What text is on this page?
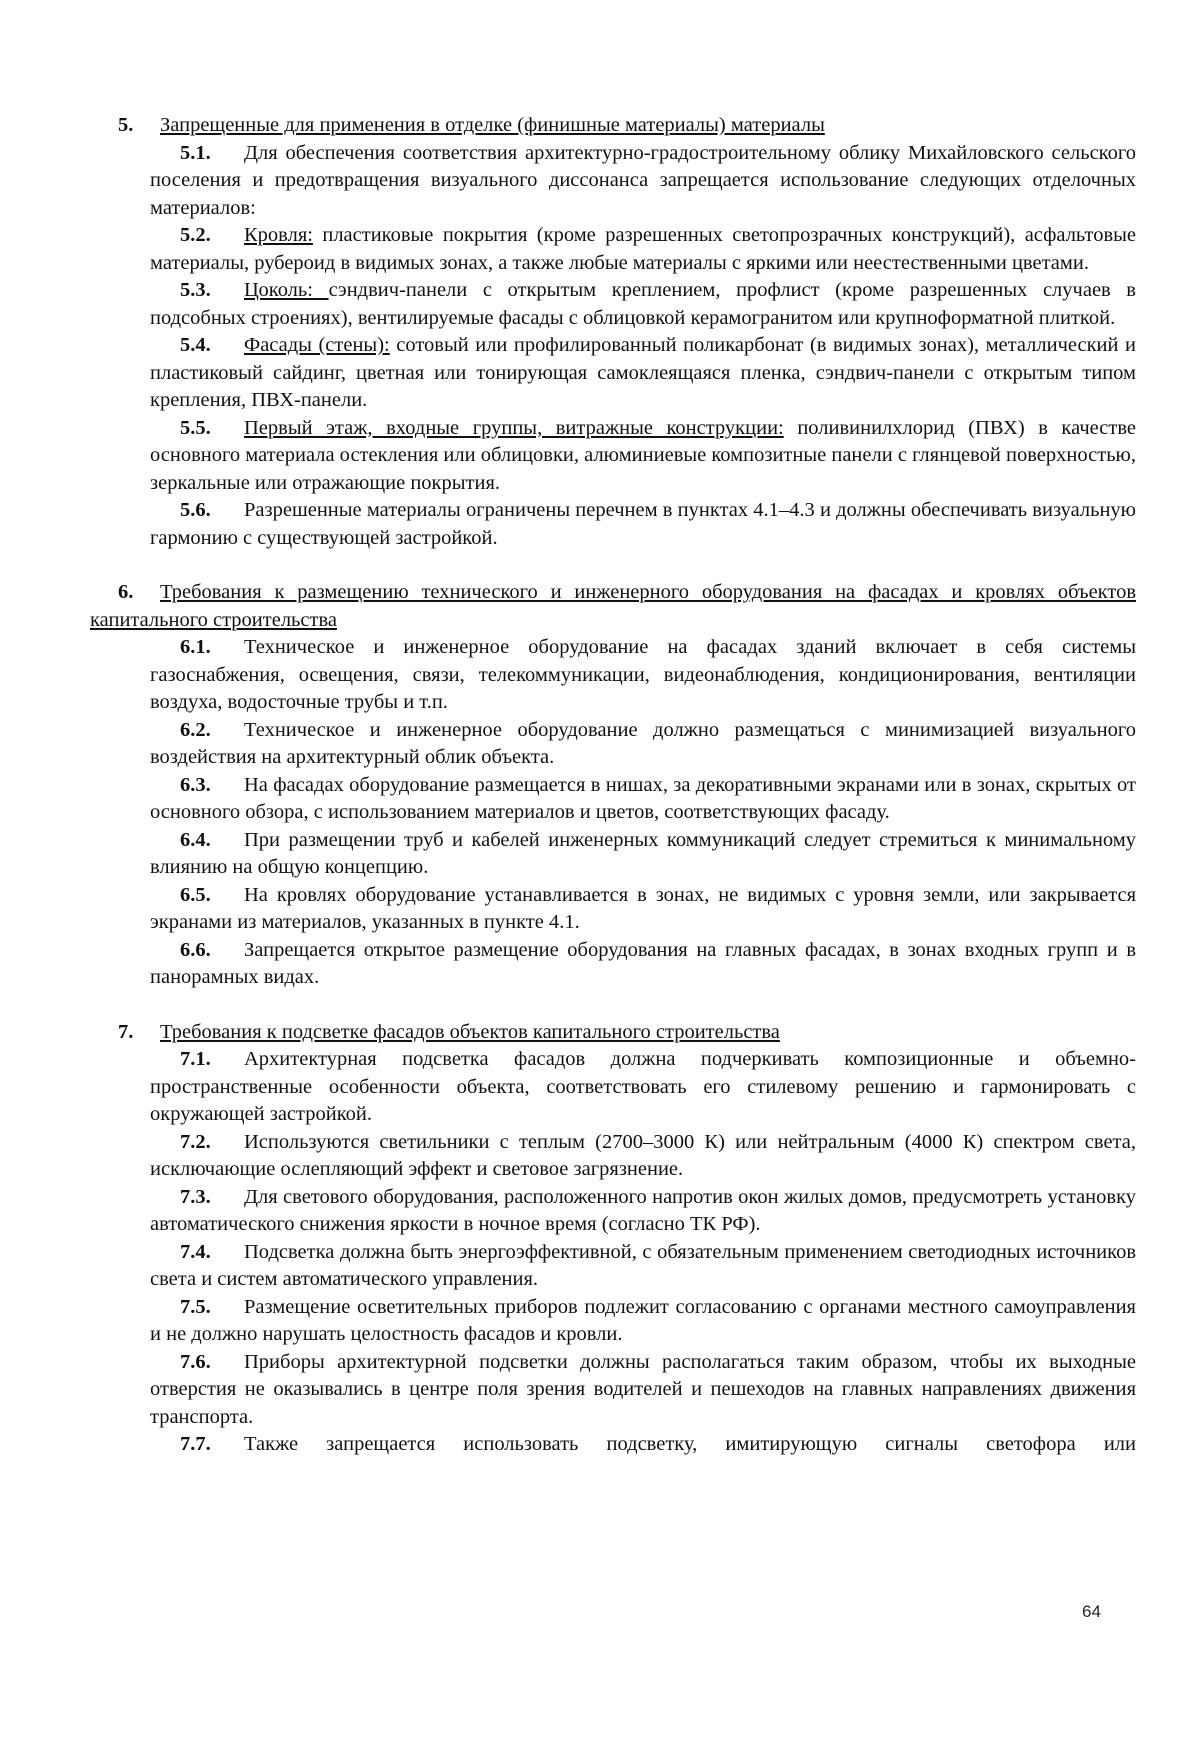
5. Запрещенные для применения в отделке (финишные материалы) материалы

5.1. Для обеспечения соответствия архитектурно-градостроительному облику Михайловского сельского поселения и предотвращения визуального диссонанса запрещается использование следующих отделочных материалов:

5.2. Кровля: пластиковые покрытия (кроме разрешенных светопрозрачных конструкций), асфальтовые материалы, рубероид в видимых зонах, а также любые материалы с яркими или неестественными цветами.

5.3. Цоколь: сэндвич-панели с открытым креплением, профлист (кроме разрешенных случаев в подсобных строениях), вентилируемые фасады с облицовкой керамогранитом или крупноформатной плиткой.

5.4. Фасады (стены): сотовый или профилированный поликарбонат (в видимых зонах), металлический и пластиковый сайдинг, цветная или тонирующая самоклеящаяся пленка, сэндвич-панели с открытым типом крепления, ПВХ-панели.

5.5. Первый этаж, входные группы, витражные конструкции: поливинилхлорид (ПВХ) в качестве основного материала остекления или облицовки, алюминиевые композитные панели с глянцевой поверхностью, зеркальные или отражающие покрытия.

5.6. Разрешенные материалы ограничены перечнем в пунктах 4.1–4.3 и должны обеспечивать визуальную гармонию с существующей застройкой.

6. Требования к размещению технического и инженерного оборудования на фасадах и кровлях объектов капитального строительства

6.1. Техническое и инженерное оборудование на фасадах зданий включает в себя системы газоснабжения, освещения, связи, телекоммуникации, видеонаблюдения, кондиционирования, вентиляции воздуха, водосточные трубы и т.п.

6.2. Техническое и инженерное оборудование должно размещаться с минимизацией визуального воздействия на архитектурный облик объекта.

6.3. На фасадах оборудование размещается в нишах, за декоративными экранами или в зонах, скрытых от основного обзора, с использованием материалов и цветов, соответствующих фасаду.

6.4. При размещении труб и кабелей инженерных коммуникаций следует стремиться к минимальному влиянию на общую концепцию.

6.5. На кровлях оборудование устанавливается в зонах, не видимых с уровня земли, или закрывается экранами из материалов, указанных в пункте 4.1.

6.6. Запрещается открытое размещение оборудования на главных фасадах, в зонах входных групп и в панорамных видах.

7. Требования к подсветке фасадов объектов капитального строительства

7.1. Архитектурная подсветка фасадов должна подчеркивать композиционные и объемно-пространственные особенности объекта, соответствовать его стилевому решению и гармонировать с окружающей застройкой.

7.2. Используются светильники с теплым (2700–3000 К) или нейтральным (4000 К) спектром света, исключающие ослепляющий эффект и световое загрязнение.

7.3. Для светового оборудования, расположенного напротив окон жилых домов, предусмотреть установку автоматического снижения яркости в ночное время (согласно ТК РФ).

7.4. Подсветка должна быть энергоэффективной, с обязательным применением светодиодных источников света и систем автоматического управления.

7.5. Размещение осветительных приборов подлежит согласованию с органами местного самоуправления и не должно нарушать целостность фасадов и кровли.

7.6. Приборы архитектурной подсветки должны располагаться таким образом, чтобы их выходные отверстия не оказывались в центре поля зрения водителей и пешеходов на главных направлениях движения транспорта.

7.7. Также запрещается использовать подсветку, имитирующую сигналы светофора или

64
